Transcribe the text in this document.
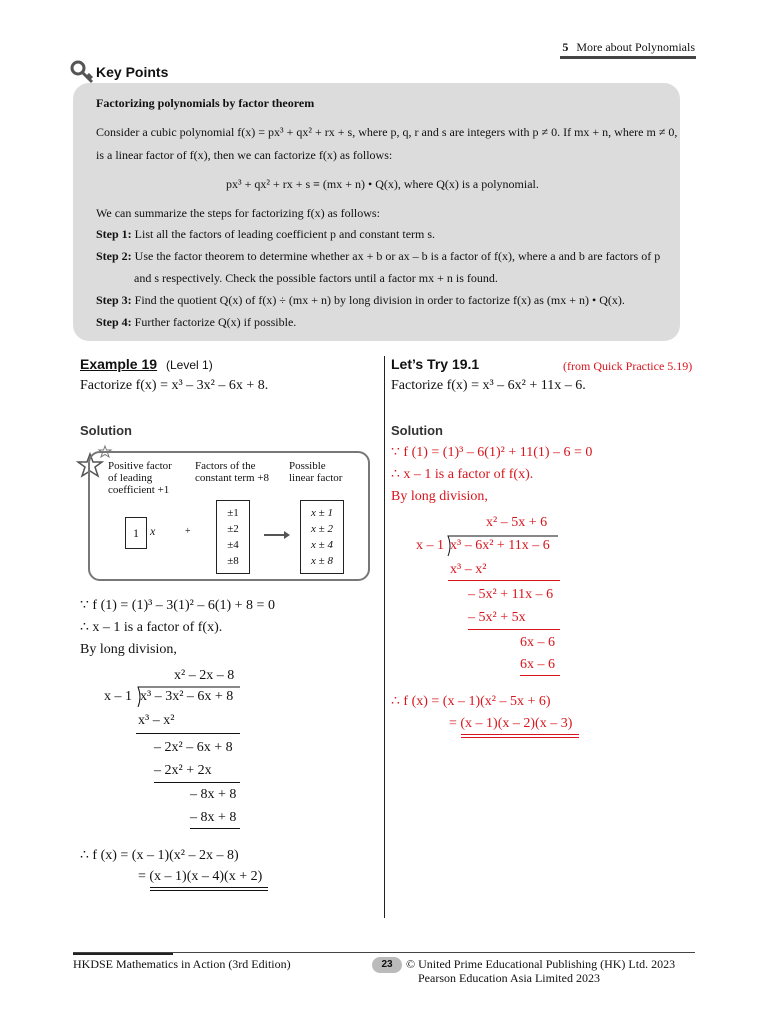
5 More about Polynomials
Key Points
Factorizing polynomials by factor theorem
Consider a cubic polynomial f(x) = px³ + qx² + rx + s, where p, q, r and s are integers with p ≠ 0. If mx + n, where m ≠ 0,
is a linear factor of f(x), then we can factorize f(x) as follows:
px³ + qx² + rx + s ≡ (mx + n) • Q(x), where Q(x) is a polynomial.
We can summarize the steps for factorizing f(x) as follows:
Step 1: List all the factors of leading coefficient p and constant term s.
Step 2: Use the factor theorem to determine whether ax + b or ax – b is a factor of f(x), where a and b are factors of p
and s respectively. Check the possible factors until a factor mx + n is found.
Step 3: Find the quotient Q(x) of f(x) ÷ (mx + n) by long division in order to factorize f(x) as (mx + n) • Q(x).
Step 4: Further factorize Q(x) if possible.
Example 19 (Level 1)
Factorize f(x) = x³ – 3x² – 6x + 8.
Solution
Positive factor
of leading
coefficient +1
Factors of the
constant term +8
Possible
linear factor
1 x	+
±1
±2
±4
±8
x ± 1
x ± 2
x ± 4
x ± 8
∵ f (1) = (1)³ – 3(1)² – 6(1) + 8 = 0
∴ x – 1 is a factor of f(x).
By long division,
x² – 2x – 8
x – 1 x³ – 3x² – 6x + 8
x³ – x²
– 2x² – 6x + 8
– 2x² + 2x
– 8x + 8
– 8x + 8
∴ f (x) = (x – 1)(x² – 2x – 8)
= (x – 1)(x – 4)(x + 2)
Let’s Try 19.1	(from Quick Practice 5.19)
Factorize f(x) = x³ – 6x² + 11x – 6.
Solution
∵ f (1) = (1)³ – 6(1)² + 11(1) – 6 = 0
∴ x – 1 is a factor of f(x).
By long division,
x² – 5x + 6
x – 1 x³ – 6x² + 11x – 6
x³ – x²
– 5x² + 11x – 6
– 5x² + 5x
6x – 6
6x – 6
∴ f (x) = (x – 1)(x² – 5x + 6)
= (x – 1)(x – 2)(x – 3)
HKDSE Mathematics in Action (3rd Edition)	23	© United Prime Educational Publishing (HK) Ltd. 2023
Pearson Education Asia Limited 2023
